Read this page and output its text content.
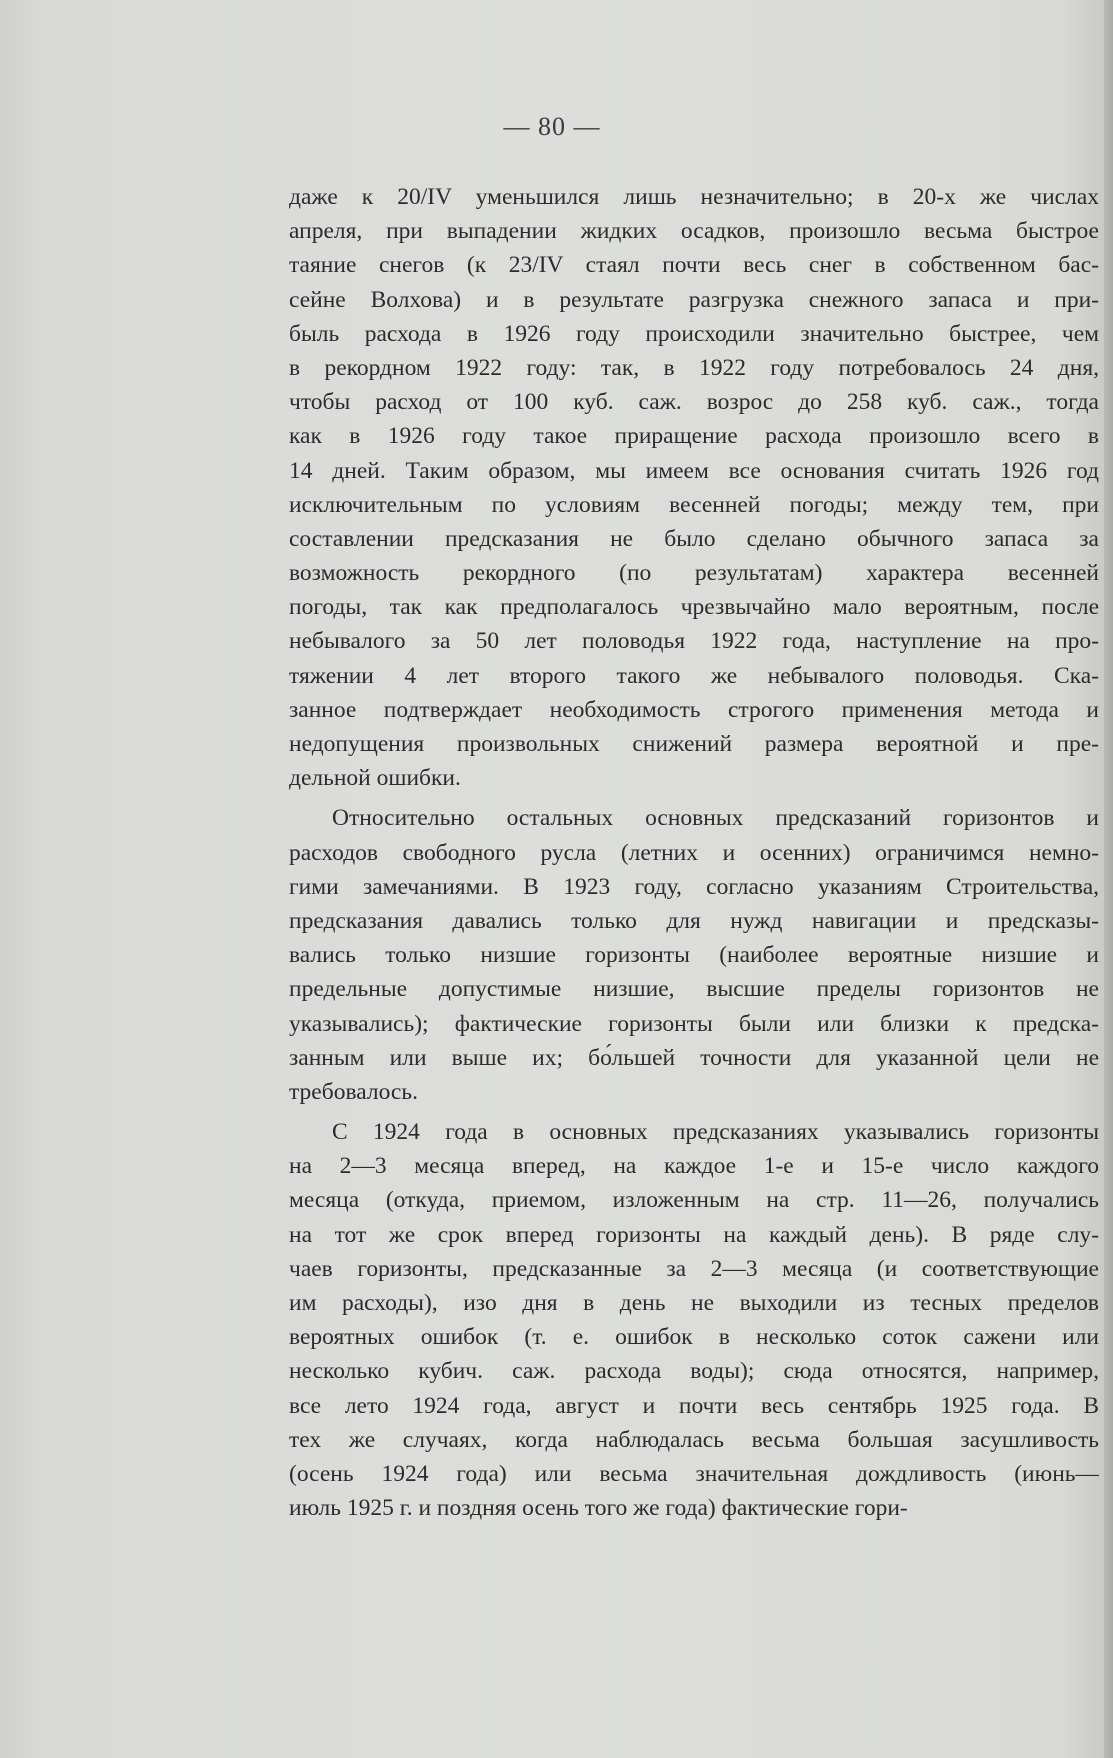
— 80 —
даже к 20/IV уменьшился лишь незначительно; в 20-х же числах
апреля, при выпадении жидких осадков, произошло весьма быстрое
таяние снегов (к 23/IV стаял почти весь снег в собственном бас-
сейне Волхова) и в результате разгрузка снежного запаса и при-
быль расхода в 1926 году происходили значительно быстрее, чем
в рекордном 1922 году: так, в 1922 году потребовалось 24 дня,
чтобы расход от 100 куб. саж. возрос до 258 куб. саж., тогда
как в 1926 году такое приращение расхода произошло всего в
14 дней. Таким образом, мы имеем все основания считать 1926 год
исключительным по условиям весенней погоды; между тем, при
составлении предсказания не было сделано обычного запаса за
возможность рекордного (по результатам) характера весенней
погоды, так как предполагалось чрезвычайно мало вероятным, после
небывалого за 50 лет половодья 1922 года, наступление на про-
тяжении 4 лет второго такого же небывалого половодья. Ска-
занное подтверждает необходимость строгого применения метода и
недопущения произвольных снижений размера вероятной и пре-
дельной ошибки.
Относительно остальных основных предсказаний горизонтов и
расходов свободного русла (летних и осенних) ограничимся немно-
гими замечаниями. В 1923 году, согласно указаниям Строительства,
предсказания давались только для нужд навигации и предсказы-
вались только низшие горизонты (наиболее вероятные низшие и
предельные допустимые низшие, высшие пределы горизонтов не
указывались); фактические горизонты были или близки к предска-
занным или выше их; бо́льшей точности для указанной цели не
требовалось.
С 1924 года в основных предсказаниях указывались горизонты
на 2—3 месяца вперед, на каждое 1-е и 15-е число каждого
месяца (откуда, приемом, изложенным на стр. 11—26, получались
на тот же срок вперед горизонты на каждый день). В ряде слу-
чаев горизонты, предсказанные за 2—3 месяца (и соответствующие
им расходы), изо дня в день не выходили из тесных пределов
вероятных ошибок (т. е. ошибок в несколько соток сажени или
несколько кубич. саж. расхода воды); сюда относятся, например,
все лето 1924 года, август и почти весь сентябрь 1925 года. В
тех же случаях, когда наблюдалась весьма большая засушливость
(осень 1924 года) или весьма значительная дождливость (июнь—
июль 1925 г. и поздняя осень того же года) фактические гори-
